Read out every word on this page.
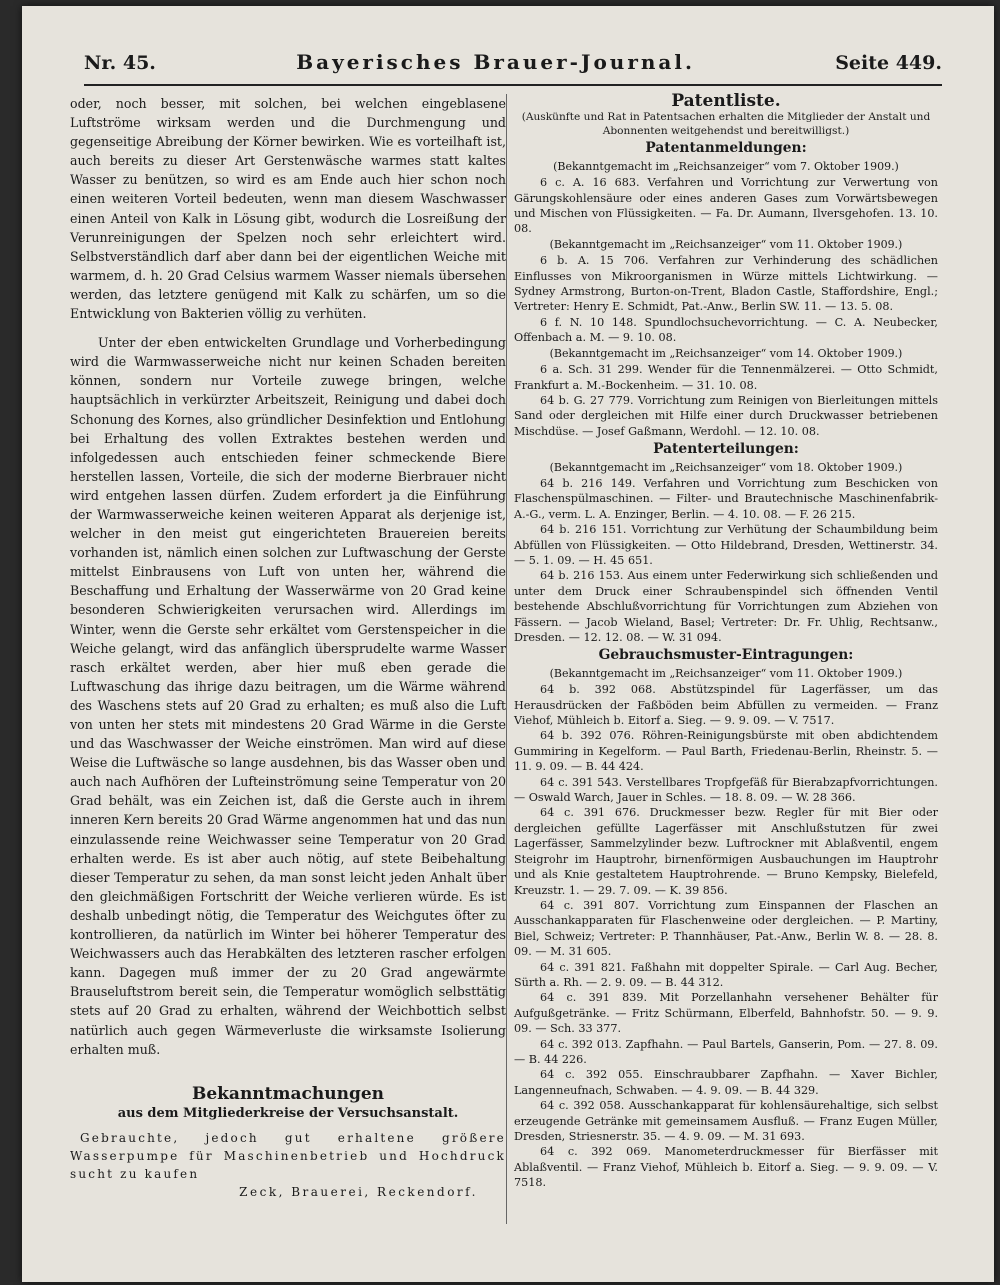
Nr. 45.	Bayerisches Brauer-Journal.	Seite 449.

oder, noch besser, mit solchen, bei welchen eingeblasene Luftströme wirksam werden und die Durchmengung und gegenseitige Abreibung der Körner bewirken. Wie es vorteilhaft ist, auch bereits zu dieser Art Gerstenwäsche warmes statt kaltes Wasser zu benützen, so wird es am Ende auch hier schon noch einen weiteren Vorteil bedeuten, wenn man diesem Waschwasser einen Anteil von Kalk in Lösung gibt, wodurch die Losreißung der Verunreinigungen der Spelzen noch sehr erleichtert wird. Selbstverständlich darf aber dann bei der eigentlichen Weiche mit warmem, d. h. 20 Grad Celsius warmem Wasser niemals übersehen werden, das letztere genügend mit Kalk zu schärfen, um so die Entwicklung von Bakterien völlig zu verhüten.

Unter der eben entwickelten Grundlage und Vorherbedingung wird die Warmwasserweiche nicht nur keinen Schaden bereiten können, sondern nur Vorteile zuwege bringen, welche hauptsächlich in verkürzter Arbeitszeit, Reinigung und dabei doch Schonung des Kornes, also gründlicher Desinfektion und Entlohung bei Erhaltung des vollen Extraktes bestehen werden und infolgedessen auch entschieden feiner schmeckende Biere herstellen lassen, Vorteile, die sich der moderne Bierbrauer nicht wird entgehen lassen dürfen. Zudem erfordert ja die Einführung der Warmwasserweiche keinen weiteren Apparat als derjenige ist, welcher in den meist gut eingerichteten Brauereien bereits vorhanden ist, nämlich einen solchen zur Luftwaschung der Gerste mittelst Einbrausens von Luft von unten her, während die Beschaffung und Erhaltung der Wasserwärme von 20 Grad keine besonderen Schwierigkeiten verursachen wird. Allerdings im Winter, wenn die Gerste sehr erkältet vom Gerstenspeicher in die Weiche gelangt, wird das anfänglich übersprudelte warme Wasser rasch erkältet werden, aber hier muß eben gerade die Luftwaschung das ihrige dazu beitragen, um die Wärme während des Waschens stets auf 20 Grad zu erhalten; es muß also die Luft von unten her stets mit mindestens 20 Grad Wärme in die Gerste und das Waschwasser der Weiche einströmen. Man wird auf diese Weise die Luftwäsche so lange ausdehnen, bis das Wasser oben und auch nach Aufhören der Lufteinströmung seine Temperatur von 20 Grad behält, was ein Zeichen ist, daß die Gerste auch in ihrem inneren Kern bereits 20 Grad Wärme angenommen hat und das nun einzulassende reine Weichwasser seine Temperatur von 20 Grad erhalten werde. Es ist aber auch nötig, auf stete Beibehaltung dieser Temperatur zu sehen, da man sonst leicht jeden Anhalt über den gleichmäßigen Fortschritt der Weiche verlieren würde. Es ist deshalb unbedingt nötig, die Temperatur des Weichgutes öfter zu kontrollieren, da natürlich im Winter bei höherer Temperatur des Weichwassers auch das Herabkälten des letzteren rascher erfolgen kann. Dagegen muß immer der zu 20 Grad angewärmte Brauseluftstrom bereit sein, die Temperatur womöglich selbsttätig stets auf 20 Grad zu erhalten, während der Weichbottich selbst natürlich auch gegen Wärmeverluste die wirksamste Isolierung erhalten muß.

Bekanntmachungen
aus dem Mitgliederkreise der Versuchsanstalt.
Gebrauchte, jedoch gut erhaltene größere Wasserpumpe für Maschinenbetrieb und Hochdruck sucht zu kaufen
Zeck, Brauerei, Reckendorf.
Patentliste.
(Auskünfte und Rat in Patentsachen erhalten die Mitglieder der Anstalt und Abonnenten weitgehendst und bereitwilligst.)
Patentanmeldungen:
(Bekanntgemacht im „Reichsanzeiger“ vom 7. Oktober 1909.)

6 c. A. 16 683. Verfahren und Vorrichtung zur Verwertung von Gärungskohlensäure oder eines anderen Gases zum Vorwärtsbewegen und Mischen von Flüssigkeiten. — Fa. Dr. Aumann, Ilversgehofen. 13. 10. 08.

(Bekanntgemacht im „Reichsanzeiger“ vom 11. Oktober 1909.)

6 b. A. 15 706. Verfahren zur Verhinderung des schädlichen Einflusses von Mikroorganismen in Würze mittels Lichtwirkung. — Sydney Armstrong, Burton-on-Trent, Bladon Castle, Staffordshire, Engl.; Vertreter: Henry E. Schmidt, Pat.-Anw., Berlin SW. 11. — 13. 5. 08.

6 f. N. 10 148. Spundlochsuchevorrichtung. — C. A. Neubecker, Offenbach a. M. — 9. 10. 08.

(Bekanntgemacht im „Reichsanzeiger“ vom 14. Oktober 1909.)

6 a. Sch. 31 299. Wender für die Tennenmälzerei. — Otto Schmidt, Frankfurt a. M.-Bockenheim. — 31. 10. 08.

64 b. G. 27 779. Vorrichtung zum Reinigen von Bierleitungen mittels Sand oder dergleichen mit Hilfe einer durch Druckwasser betriebenen Mischdüse. — Josef Gaßmann, Werdohl. — 12. 10. 08.

Patenterteilungen:
(Bekanntgemacht im „Reichsanzeiger“ vom 18. Oktober 1909.)

64 b. 216 149. Verfahren und Vorrichtung zum Beschicken von Flaschenspülmaschinen. — Filter- und Brautechnische Maschinenfabrik-A.-G., verm. L. A. Enzinger, Berlin. — 4. 10. 08. — F. 26 215.

64 b. 216 151. Vorrichtung zur Verhütung der Schaumbildung beim Abfüllen von Flüssigkeiten. — Otto Hildebrand, Dresden, Wettinerstr. 34. — 5. 1. 09. — H. 45 651.

64 b. 216 153. Aus einem unter Federwirkung sich schließenden und unter dem Druck einer Schraubenspindel sich öffnenden Ventil bestehende Abschlußvorrichtung für Vorrichtungen zum Abziehen von Fässern. — Jacob Wieland, Basel; Vertreter: Dr. Fr. Uhlig, Rechtsanw., Dresden. — 12. 12. 08. — W. 31 094.

Gebrauchsmuster-Eintragungen:
(Bekanntgemacht im „Reichsanzeiger“ vom 11. Oktober 1909.)

64 b. 392 068. Abstützspindel für Lagerfässer, um das Herausdrücken der Faßböden beim Abfüllen zu vermeiden. — Franz Viehof, Mühleich b. Eitorf a. Sieg. — 9. 9. 09. — V. 7517.

64 b. 392 076. Röhren-Reinigungsbürste mit oben abdichtendem Gummiring in Kegelform. — Paul Barth, Friedenau-Berlin, Rheinstr. 5. — 11. 9. 09. — B. 44 424.

64 c. 391 543. Verstellbares Tropfgefäß für Bierabzapfvorrichtungen. — Oswald Warch, Jauer in Schles. — 18. 8. 09. — W. 28 366.

64 c. 391 676. Druckmesser bezw. Regler für mit Bier oder dergleichen gefüllte Lagerfässer mit Anschlußstutzen für zwei Lagerfässer, Sammelzylinder bezw. Luftrockner mit Ablaßventil, engem Steigrohr im Hauptrohr, birnenförmigen Ausbauchungen im Hauptrohr und als Knie gestaltetem Hauptrohrende. — Bruno Kempsky, Bielefeld, Kreuzstr. 1. — 29. 7. 09. — K. 39 856.

64 c. 391 807. Vorrichtung zum Einspannen der Flaschen an Ausschankapparaten für Flaschenweine oder dergleichen. — P. Martiny, Biel, Schweiz; Vertreter: P. Thannhäuser, Pat.-Anw., Berlin W. 8. — 28. 8. 09. — M. 31 605.

64 c. 391 821. Faßhahn mit doppelter Spirale. — Carl Aug. Becher, Sürth a. Rh. — 2. 9. 09. — B. 44 312.

64 c. 391 839. Mit Porzellanhahn versehener Behälter für Aufgußgetränke. — Fritz Schürmann, Elberfeld, Bahnhofstr. 50. — 9. 9. 09. — Sch. 33 377.

64 c. 392 013. Zapfhahn. — Paul Bartels, Ganserin, Pom. — 27. 8. 09. — B. 44 226.

64 c. 392 055. Einschraubbarer Zapfhahn. — Xaver Bichler, Langenneufnach, Schwaben. — 4. 9. 09. — B. 44 329.

64 c. 392 058. Ausschankapparat für kohlensäurehaltige, sich selbst erzeugende Getränke mit gemeinsamem Ausfluß. — Franz Eugen Müller, Dresden, Striesnerstr. 35. — 4. 9. 09. — M. 31 693.

64 c. 392 069. Manometerdruckmesser für Bierfässer mit Ablaßventil. — Franz Viehof, Mühleich b. Eitorf a. Sieg. — 9. 9. 09. — V. 7518.
